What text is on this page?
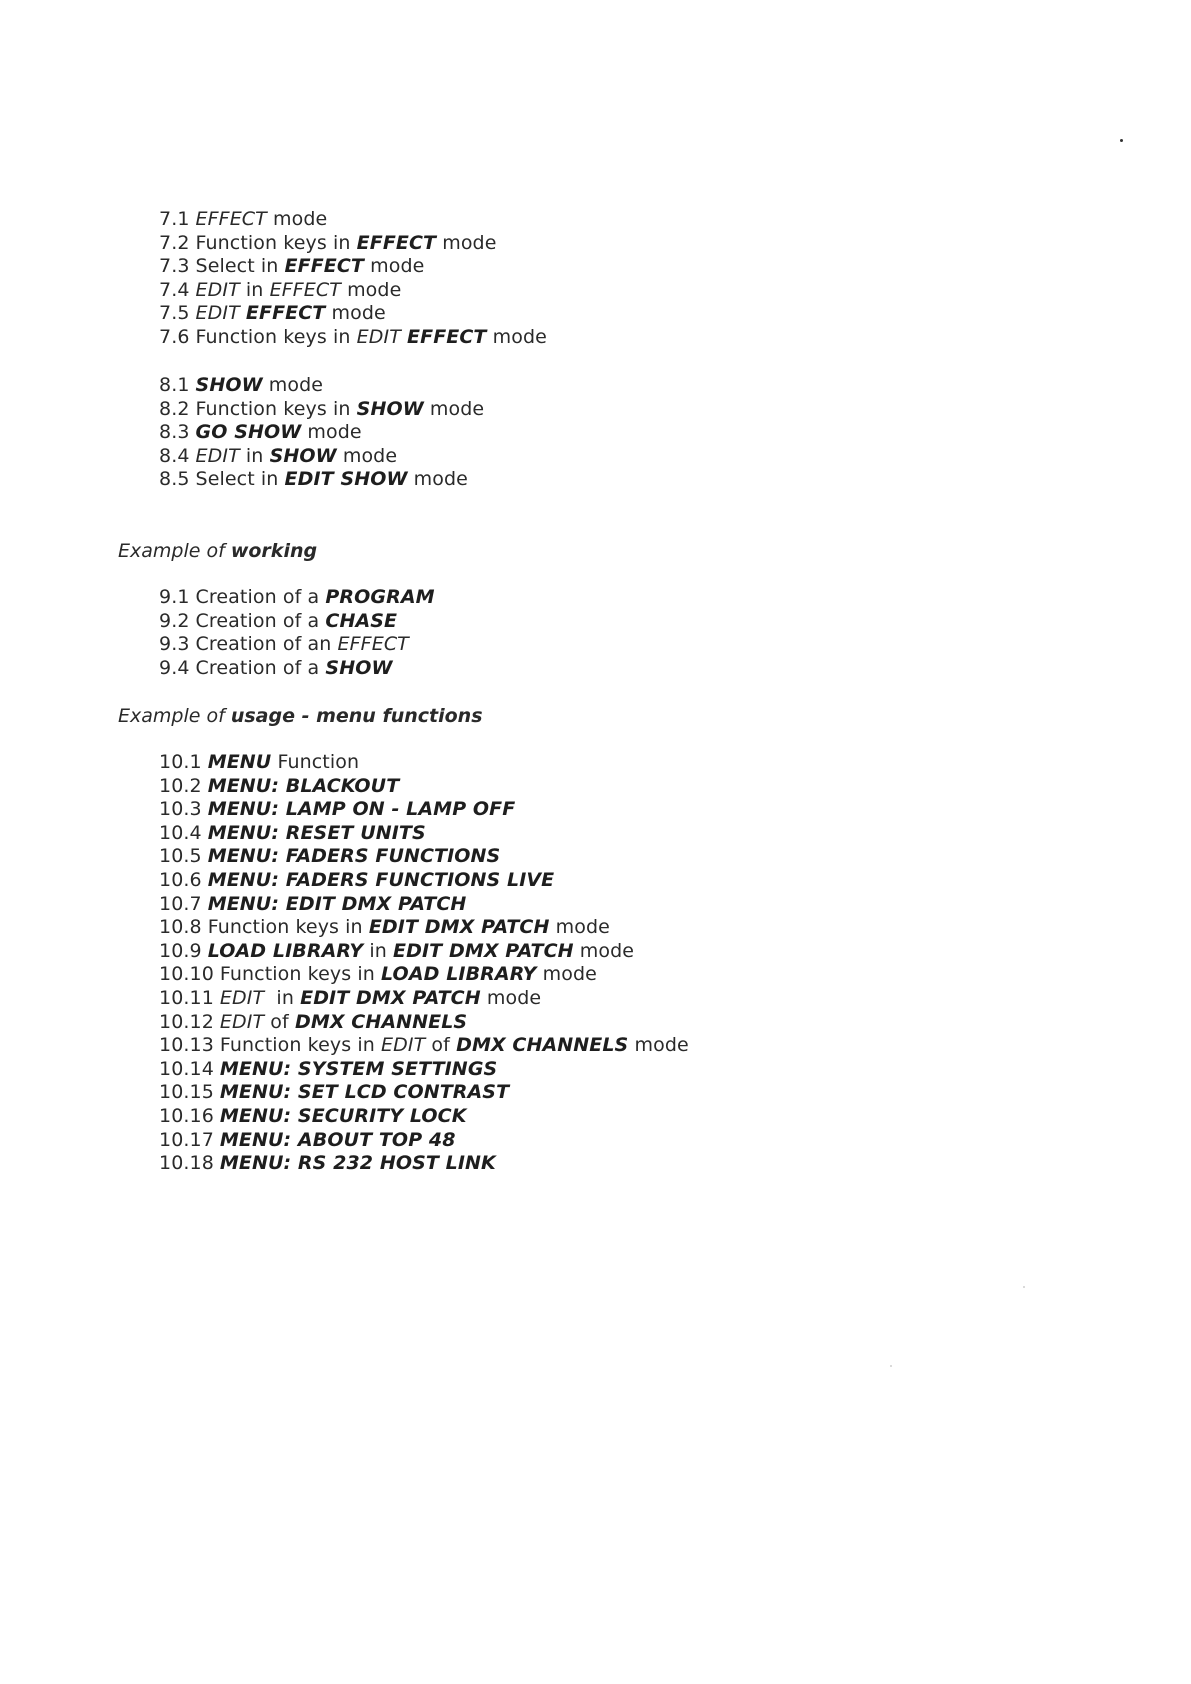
7.1 EFFECT mode
7.2 Function keys in EFFECT mode
7.3 Select in EFFECT mode
7.4 EDIT in EFFECT mode
7.5 EDIT EFFECT mode
7.6 Function keys in EDIT EFFECT mode
8.1 SHOW mode
8.2 Function keys in SHOW mode
8.3 GO SHOW mode
8.4 EDIT in SHOW mode
8.5 Select in EDIT SHOW mode
Example of working
9.1 Creation of a PROGRAM
9.2 Creation of a CHASE
9.3 Creation of an EFFECT
9.4 Creation of a SHOW
Example of usage - menu functions
10.1 MENU Function
10.2 MENU: BLACKOUT
10.3 MENU: LAMP ON - LAMP OFF
10.4 MENU: RESET UNITS
10.5 MENU: FADERS FUNCTIONS
10.6 MENU: FADERS FUNCTIONS LIVE
10.7 MENU: EDIT DMX PATCH
10.8 Function keys in EDIT DMX PATCH mode
10.9 LOAD LIBRARY in EDIT DMX PATCH mode
10.10 Function keys in LOAD LIBRARY mode
10.11 EDIT  in EDIT DMX PATCH mode
10.12 EDIT of DMX CHANNELS
10.13 Function keys in EDIT of DMX CHANNELS mode
10.14 MENU: SYSTEM SETTINGS
10.15 MENU: SET LCD CONTRAST
10.16 MENU: SECURITY LOCK
10.17 MENU: ABOUT TOP 48
10.18 MENU: RS 232 HOST LINK
